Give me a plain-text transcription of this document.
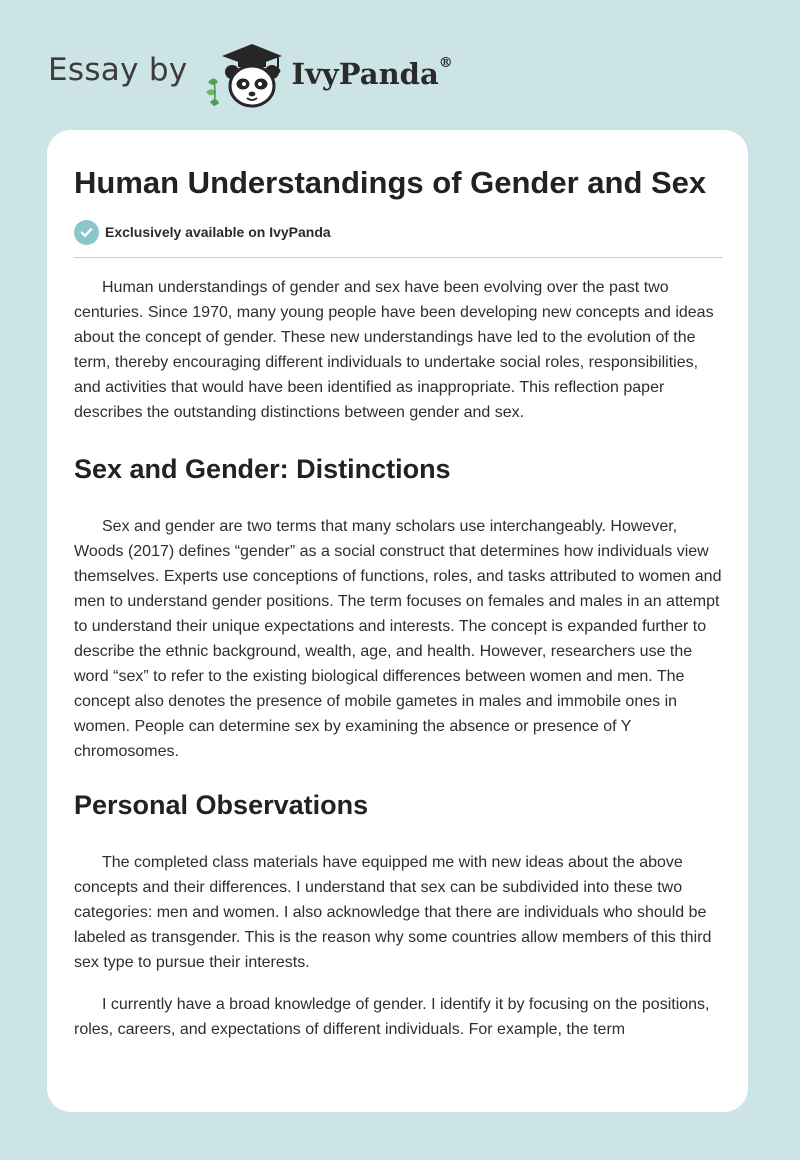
Essay by	IvyPanda®
Human Understandings of Gender and Sex
Exclusively available on IvyPanda

Human understandings of gender and sex have been evolving over the past two centuries. Since 1970, many young people have been developing new concepts and ideas about the concept of gender. These new understandings have led to the evolution of the term, thereby encouraging different individuals to undertake social roles, responsibilities, and activities that would have been identified as inappropriate. This reflection paper describes the outstanding distinctions between gender and sex.

Sex and Gender: Distinctions

Sex and gender are two terms that many scholars use interchangeably. However, Woods (2017) defines “gender” as a social construct that determines how individuals view themselves. Experts use conceptions of functions, roles, and tasks attributed to women and men to understand gender positions. The term focuses on females and males in an attempt to understand their unique expectations and interests. The concept is expanded further to describe the ethnic background, wealth, age, and health. However, researchers use the word “sex” to refer to the existing biological differences between women and men. The concept also denotes the presence of mobile gametes in males and immobile ones in women. People can determine sex by examining the absence or presence of Y chromosomes.

Personal Observations

The completed class materials have equipped me with new ideas about the above concepts and their differences. I understand that sex can be subdivided into these two categories: men and women. I also acknowledge that there are individuals who should be labeled as transgender. This is the reason why some countries allow members of this third sex type to pursue their interests.

I currently have a broad knowledge of gender. I identify it by focusing on the positions, roles, careers, and expectations of different individuals. For example, the term
